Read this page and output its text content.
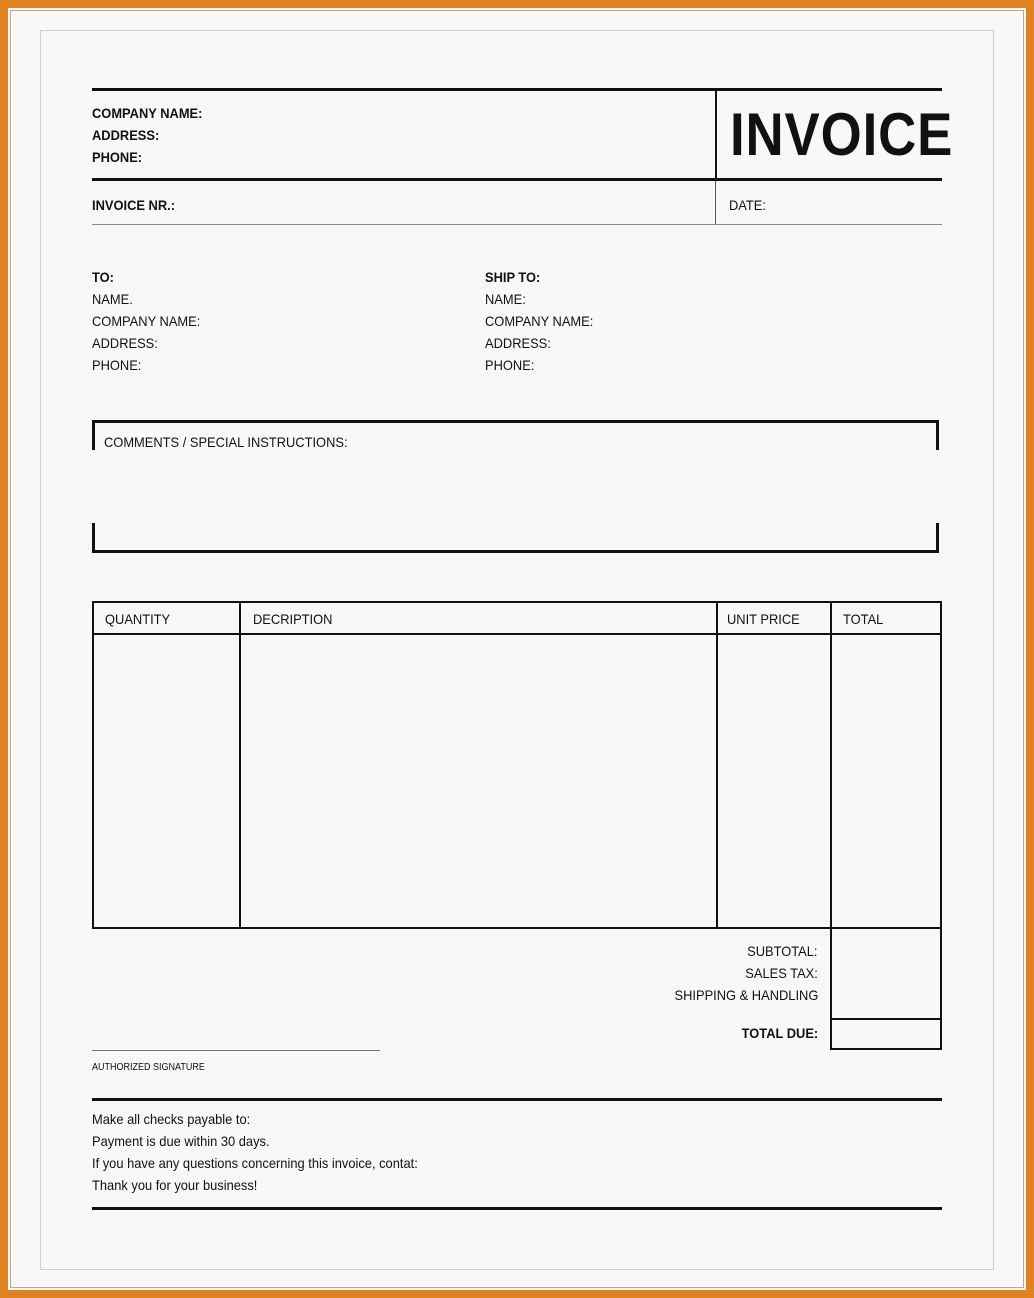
COMPANY NAME:
ADDRESS:
PHONE:	INVOICE
INVOICE NR.:	DATE:
TO:
NAME.
COMPANY NAME:
ADDRESS:
PHONE:
SHIP TO:
NAME:
COMPANY NAME:
ADDRESS:
PHONE:
COMMENTS / SPECIAL INSTRUCTIONS:
QUANTITY	DECRIPTION	UNIT PRICE	TOTAL
SUBTOTAL:
SALES TAX:
SHIPPING & HANDLING
TOTAL DUE:
AUTHORIZED SIGNATURE
Make all checks payable to:
Payment is due within 30 days.
If you have any questions concerning this invoice, contat:
Thank you for your business!
